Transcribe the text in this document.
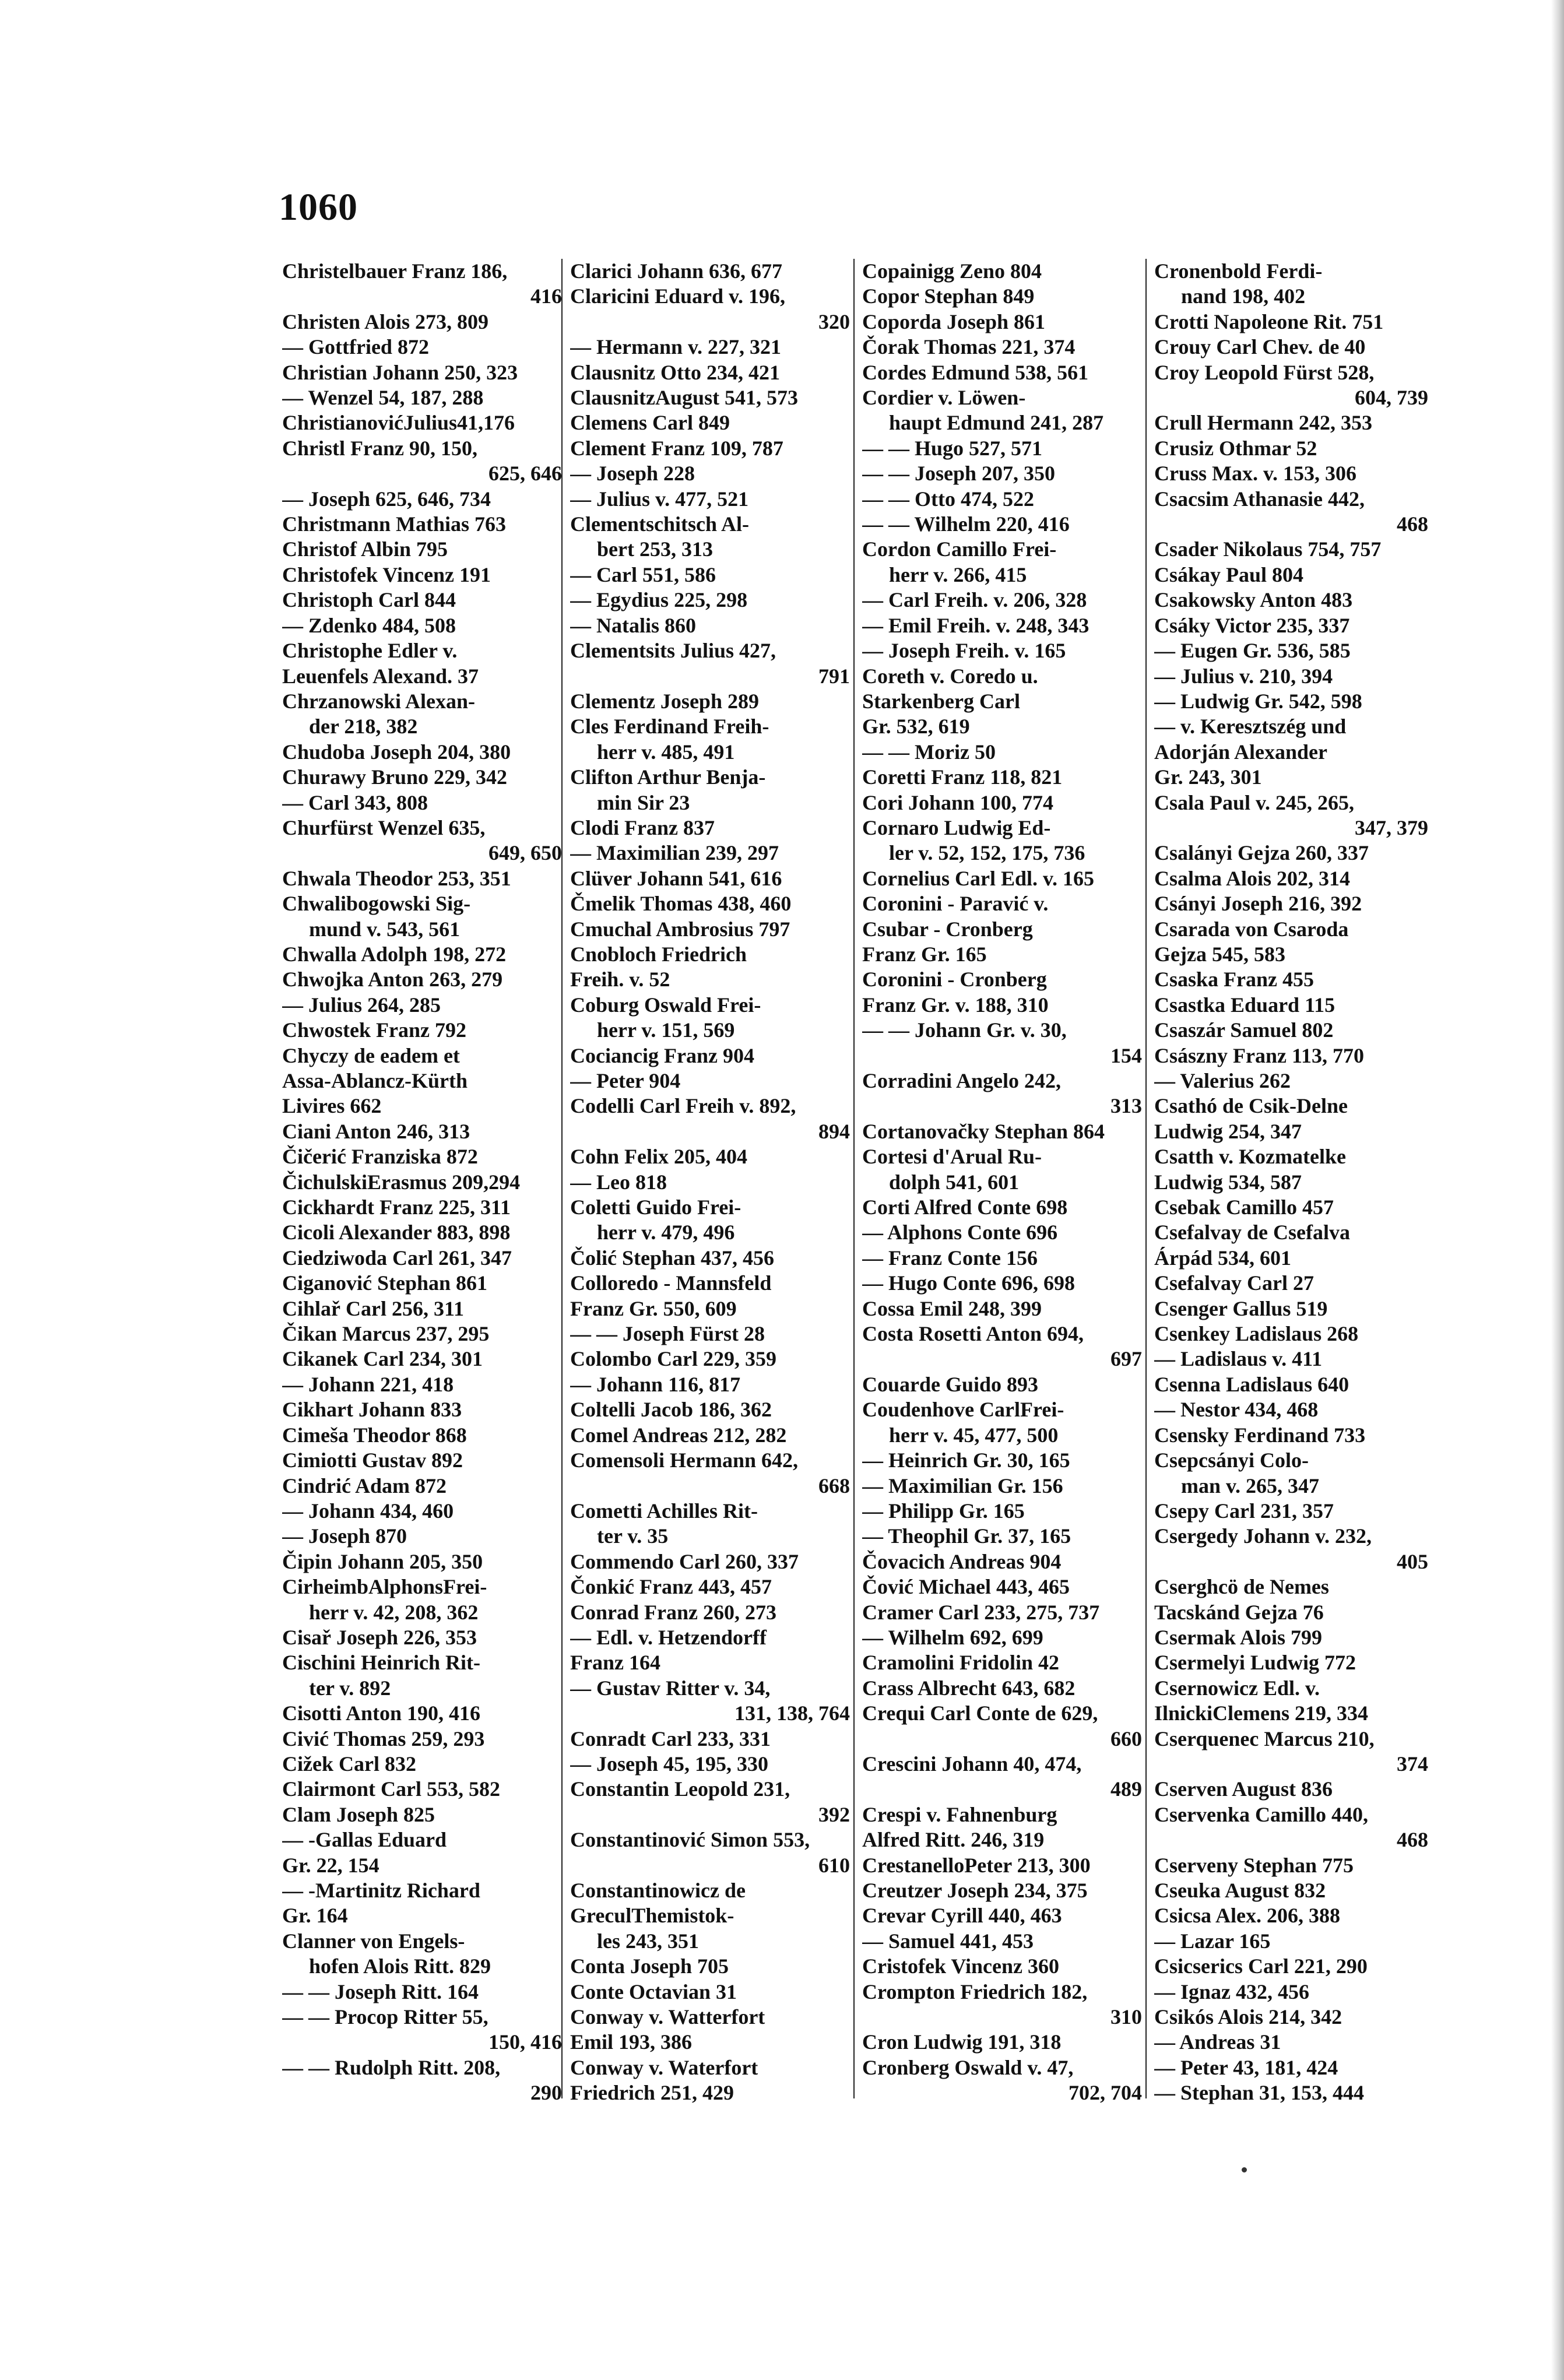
1060
Christelbauer Franz 186,
416
Christen Alois 273, 809
— Gottfried 872
Christian Johann 250, 323
— Wenzel 54, 187, 288
ChristianovićJulius41,176
Christl Franz 90, 150,
625, 646
— Joseph 625, 646, 734
Christmann Mathias 763
Christof Albin 795
Christofek Vincenz 191
Christoph Carl 844
— Zdenko 484, 508
Christophe Edler v.
Leuenfels Alexand. 37
Chrzanowski Alexan-
der 218, 382
Chudoba Joseph 204, 380
Churawy Bruno 229, 342
— Carl 343, 808
Churfürst Wenzel 635,
649, 650
Chwala Theodor 253, 351
Chwalibogowski Sig-
mund v. 543, 561
Chwalla Adolph 198, 272
Chwojka Anton 263, 279
— Julius 264, 285
Chwostek Franz 792
Chyczy de eadem et
Assa-Ablancz-Kürth
Livires 662
Ciani Anton 246, 313
Čičerić Franziska 872
ČichulskiErasmus 209,294
Cickhardt Franz 225, 311
Cicoli Alexander 883, 898
Ciedziwoda Carl 261, 347
Ciganović Stephan 861
Cihlař Carl 256, 311
Čikan Marcus 237, 295
Cikanek Carl 234, 301
— Johann 221, 418
Cikhart Johann 833
Cimeša Theodor 868
Cimiotti Gustav 892
Cindrić Adam 872
— Johann 434, 460
— Joseph 870
Čipin Johann 205, 350
CirheimbAlphonsFrei-
herr v. 42, 208, 362
Cisař Joseph 226, 353
Cischini Heinrich Rit-
ter v. 892
Cisotti Anton 190, 416
Civić Thomas 259, 293
Cižek Carl 832
Clairmont Carl 553, 582
Clam Joseph 825
— -Gallas Eduard
Gr. 22, 154
— -Martinitz Richard
Gr. 164
Clanner von Engels-
hofen Alois Ritt. 829
— — Joseph Ritt. 164
— — Procop Ritter 55,
150, 416
— — Rudolph Ritt. 208,
290
Clarici Johann 636, 677
Claricini Eduard v. 196,
320
— Hermann v. 227, 321
Clausnitz Otto 234, 421
ClausnitzAugust 541, 573
Clemens Carl 849
Clement Franz 109, 787
— Joseph 228
— Julius v. 477, 521
Clementschitsch Al-
bert 253, 313
— Carl 551, 586
— Egydius 225, 298
— Natalis 860
Clementsits Julius 427,
791
Clementz Joseph 289
Cles Ferdinand Freih-
herr v. 485, 491
Clifton Arthur Benja-
min Sir 23
Clodi Franz 837
— Maximilian 239, 297
Clüver Johann 541, 616
Čmelik Thomas 438, 460
Cmuchal Ambrosius 797
Cnobloch Friedrich
Freih. v. 52
Coburg Oswald Frei-
herr v. 151, 569
Cociancig Franz 904
— Peter 904
Codelli Carl Freih v. 892,
894
Cohn Felix 205, 404
— Leo 818
Coletti Guido Frei-
herr v. 479, 496
Čolić Stephan 437, 456
Colloredo - Mannsfeld
Franz Gr. 550, 609
— — Joseph Fürst 28
Colombo Carl 229, 359
— Johann 116, 817
Coltelli Jacob 186, 362
Comel Andreas 212, 282
Comensoli Hermann 642,
668
Cometti Achilles Rit-
ter v. 35
Commendo Carl 260, 337
Čonkić Franz 443, 457
Conrad Franz 260, 273
— Edl. v. Hetzendorff
Franz 164
— Gustav Ritter v. 34,
131, 138, 764
Conradt Carl 233, 331
— Joseph 45, 195, 330
Constantin Leopold 231,
392
Constantinović Simon 553,
610
Constantinowicz de
GreculThemistok-
les 243, 351
Conta Joseph 705
Conte Octavian 31
Conway v. Watterfort
Emil 193, 386
Conway v. Waterfort
Friedrich 251, 429
Copainigg Zeno 804
Copor Stephan 849
Coporda Joseph 861
Čorak Thomas 221, 374
Cordes Edmund 538, 561
Cordier v. Löwen-
haupt Edmund 241, 287
— — Hugo 527, 571
— — Joseph 207, 350
— — Otto 474, 522
— — Wilhelm 220, 416
Cordon Camillo Frei-
herr v. 266, 415
— Carl Freih. v. 206, 328
— Emil Freih. v. 248, 343
— Joseph Freih. v. 165
Coreth v. Coredo u.
Starkenberg Carl
Gr. 532, 619
— — Moriz 50
Coretti Franz 118, 821
Cori Johann 100, 774
Cornaro Ludwig Ed-
ler v. 52, 152, 175, 736
Cornelius Carl Edl. v. 165
Coronini - Paravić v.
Csubar - Cronberg
Franz Gr. 165
Coronini - Cronberg
Franz Gr. v. 188, 310
— — Johann Gr. v. 30,
154
Corradini Angelo 242,
313
Cortanovačky Stephan 864
Cortesi d'Arual Ru-
dolph 541, 601
Corti Alfred Conte 698
— Alphons Conte 696
— Franz Conte 156
— Hugo Conte 696, 698
Cossa Emil 248, 399
Costa Rosetti Anton 694,
697
Couarde Guido 893
Coudenhove CarlFrei-
herr v. 45, 477, 500
— Heinrich Gr. 30, 165
— Maximilian Gr. 156
— Philipp Gr. 165
— Theophil Gr. 37, 165
Čovacich Andreas 904
Čović Michael 443, 465
Cramer Carl 233, 275, 737
— Wilhelm 692, 699
Cramolini Fridolin 42
Crass Albrecht 643, 682
Crequi Carl Conte de 629,
660
Crescini Johann 40, 474,
489
Crespi v. Fahnenburg
Alfred Ritt. 246, 319
CrestanelloPeter 213, 300
Creutzer Joseph 234, 375
Crevar Cyrill 440, 463
— Samuel 441, 453
Cristofek Vincenz 360
Crompton Friedrich 182,
310
Cron Ludwig 191, 318
Cronberg Oswald v. 47,
702, 704
Cronenbold Ferdi-
nand 198, 402
Crotti Napoleone Rit. 751
Crouy Carl Chev. de 40
Croy Leopold Fürst 528,
604, 739
Crull Hermann 242, 353
Crusiz Othmar 52
Cruss Max. v. 153, 306
Csacsim Athanasie 442,
468
Csader Nikolaus 754, 757
Csákay Paul 804
Csakowsky Anton 483
Csáky Victor 235, 337
— Eugen Gr. 536, 585
— Julius v. 210, 394
— Ludwig Gr. 542, 598
— v. Keresztszég und
Adorján Alexander
Gr. 243, 301
Csala Paul v. 245, 265,
347, 379
Csalányi Gejza 260, 337
Csalma Alois 202, 314
Csányi Joseph 216, 392
Csarada von Csaroda
Gejza 545, 583
Csaska Franz 455
Csastka Eduard 115
Csaszár Samuel 802
Császny Franz 113, 770
— Valerius 262
Csathó de Csik-Delne
Ludwig 254, 347
Csatth v. Kozmatelke
Ludwig 534, 587
Csebak Camillo 457
Csefalvay de Csefalva
Árpád 534, 601
Csefalvay Carl 27
Csenger Gallus 519
Csenkey Ladislaus 268
— Ladislaus v. 411
Csenna Ladislaus 640
— Nestor 434, 468
Csensky Ferdinand 733
Csepcsányi Colo-
man v. 265, 347
Csepy Carl 231, 357
Csergedy Johann v. 232,
405
Cserghcö de Nemes
Tacskánd Gejza 76
Csermak Alois 799
Csermelyi Ludwig 772
Csernowicz Edl. v.
IlnickiClemens 219, 334
Cserquenec Marcus 210,
374
Cserven August 836
Cservenka Camillo 440,
468
Cserveny Stephan 775
Cseuka August 832
Csicsa Alex. 206, 388
— Lazar 165
Csicserics Carl 221, 290
— Ignaz 432, 456
Csikós Alois 214, 342
— Andreas 31
— Peter 43, 181, 424
— Stephan 31, 153, 444
